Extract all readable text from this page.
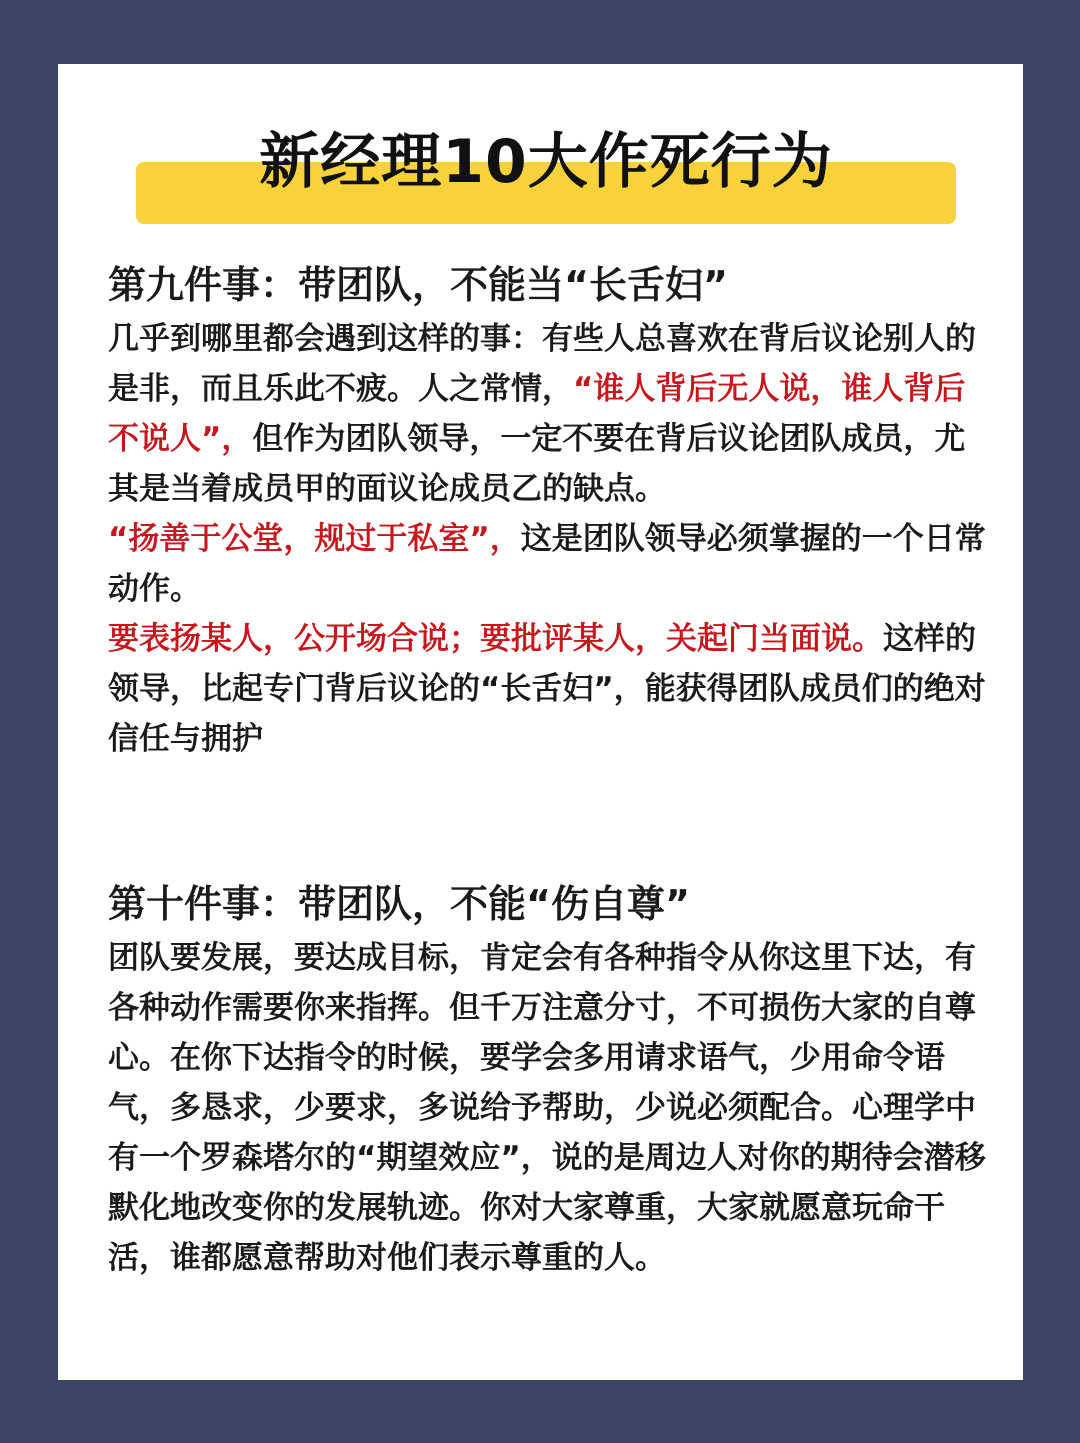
新经理10大作死行为
第九件事：带团队，不能当“长舌妇”

几乎到哪里都会遇到这样的事：有些人总喜欢在背后议论别人的是非，而且乐此不疲。人之常情，“谁人背后无人说，谁人背后不说人”，但作为团队领导，一定不要在背后议论团队成员，尤其是当着成员甲的面议论成员乙的缺点。

“扬善于公堂，规过于私室”，这是团队领导必须掌握的一个日常动作。

要表扬某人，公开场合说；要批评某人，关起门当面说。这样的领导，比起专门背后议论的“长舌妇”，能获得团队成员们的绝对信任与拥护

第十件事：带团队，不能“伤自尊”

团队要发展，要达成目标，肯定会有各种指令从你这里下达，有各种动作需要你来指挥。但千万注意分寸，不可损伤大家的自尊心。在你下达指令的时候，要学会多用请求语气，少用命令语气，多恳求，少要求，多说给予帮助，少说必须配合。心理学中有一个罗森塔尔的“期望效应”，说的是周边人对你的期待会潜移默化地改变你的发展轨迹。你对大家尊重，大家就愿意玩命干活，谁都愿意帮助对他们表示尊重的人。
